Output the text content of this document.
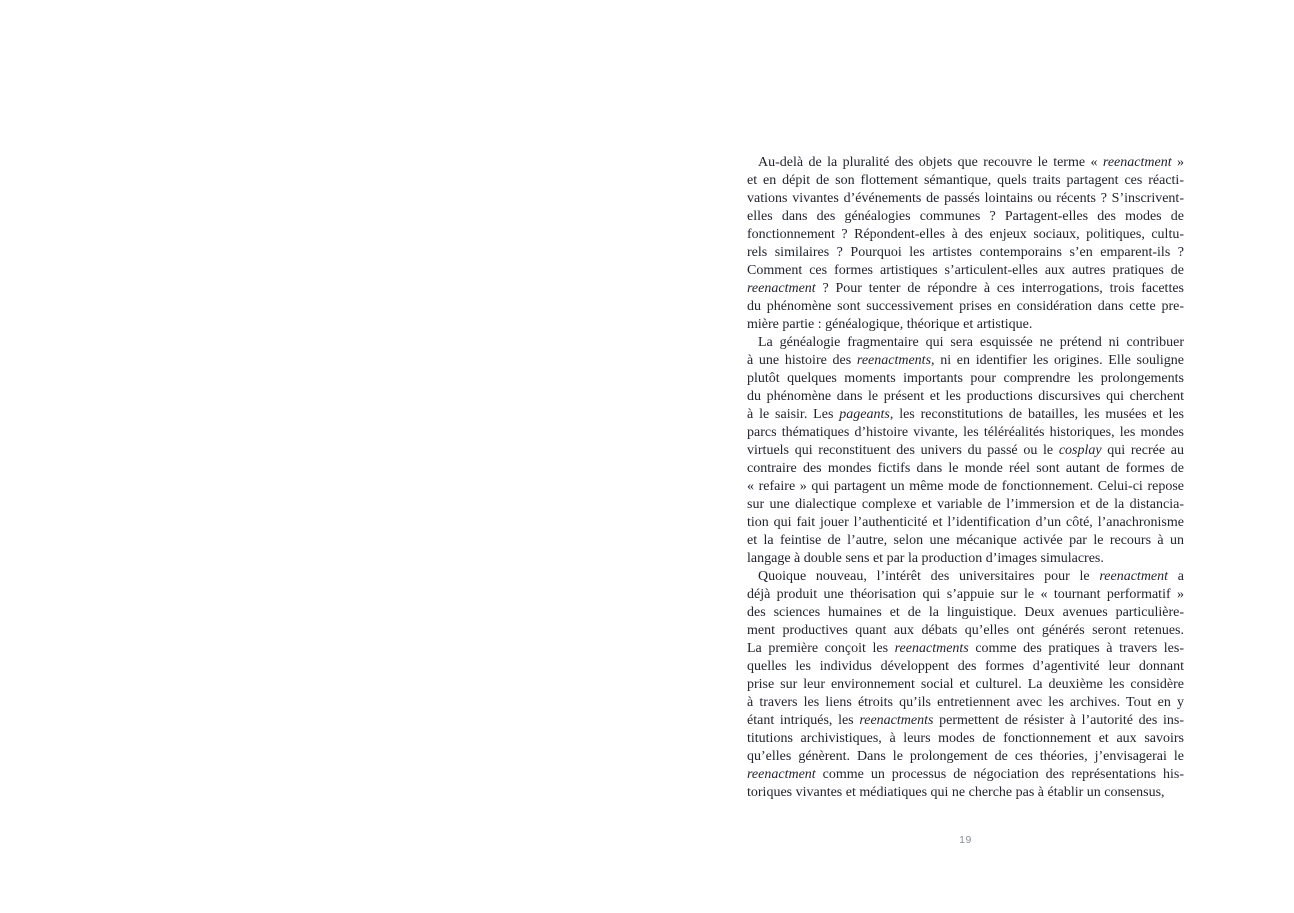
Au-delà de la pluralité des objets que recouvre le terme « reenactment »
et en dépit de son flottement sémantique, quels traits partagent ces réacti-
vations vivantes d’événements de passés lointains ou récents ? S’inscrivent-
elles dans des généalogies communes ? Partagent-elles des modes de
fonctionnement ? Répondent-elles à des enjeux sociaux, politiques, cultu-
rels similaires ? Pourquoi les artistes contemporains s’en emparent-ils ?
Comment ces formes artistiques s’articulent-elles aux autres pratiques de
reenactment ? Pour tenter de répondre à ces interrogations, trois facettes
du phénomène sont successivement prises en considération dans cette pre-
mière partie : généalogique, théorique et artistique.

La généalogie fragmentaire qui sera esquissée ne prétend ni contribuer
à une histoire des reenactments, ni en identifier les origines. Elle souligne
plutôt quelques moments importants pour comprendre les prolongements
du phénomène dans le présent et les productions discursives qui cherchent
à le saisir. Les pageants, les reconstitutions de batailles, les musées et les
parcs thématiques d’histoire vivante, les téléréalités historiques, les mondes
virtuels qui reconstituent des univers du passé ou le cosplay qui recrée au
contraire des mondes fictifs dans le monde réel sont autant de formes de
« refaire » qui partagent un même mode de fonctionnement. Celui-ci repose
sur une dialectique complexe et variable de l’immersion et de la distancia-
tion qui fait jouer l’authenticité et l’identification d’un côté, l’anachronisme
et la feintise de l’autre, selon une mécanique activée par le recours à un
langage à double sens et par la production d’images simulacres.

Quoique nouveau, l’intérêt des universitaires pour le reenactment a
déjà produit une théorisation qui s’appuie sur le « tournant performatif »
des sciences humaines et de la linguistique. Deux avenues particulière-
ment productives quant aux débats qu’elles ont générés seront retenues.
La première conçoit les reenactments comme des pratiques à travers les-
quelles les individus développent des formes d’agentivité leur donnant
prise sur leur environnement social et culturel. La deuxième les considère
à travers les liens étroits qu’ils entretiennent avec les archives. Tout en y
étant intriqués, les reenactments permettent de résister à l’autorité des ins-
titutions archivistiques, à leurs modes de fonctionnement et aux savoirs
qu’elles génèrent. Dans le prolongement de ces théories, j’envisagerai le
reenactment comme un processus de négociation des représentations his-
toriques vivantes et médiatiques qui ne cherche pas à établir un consensus,

19
